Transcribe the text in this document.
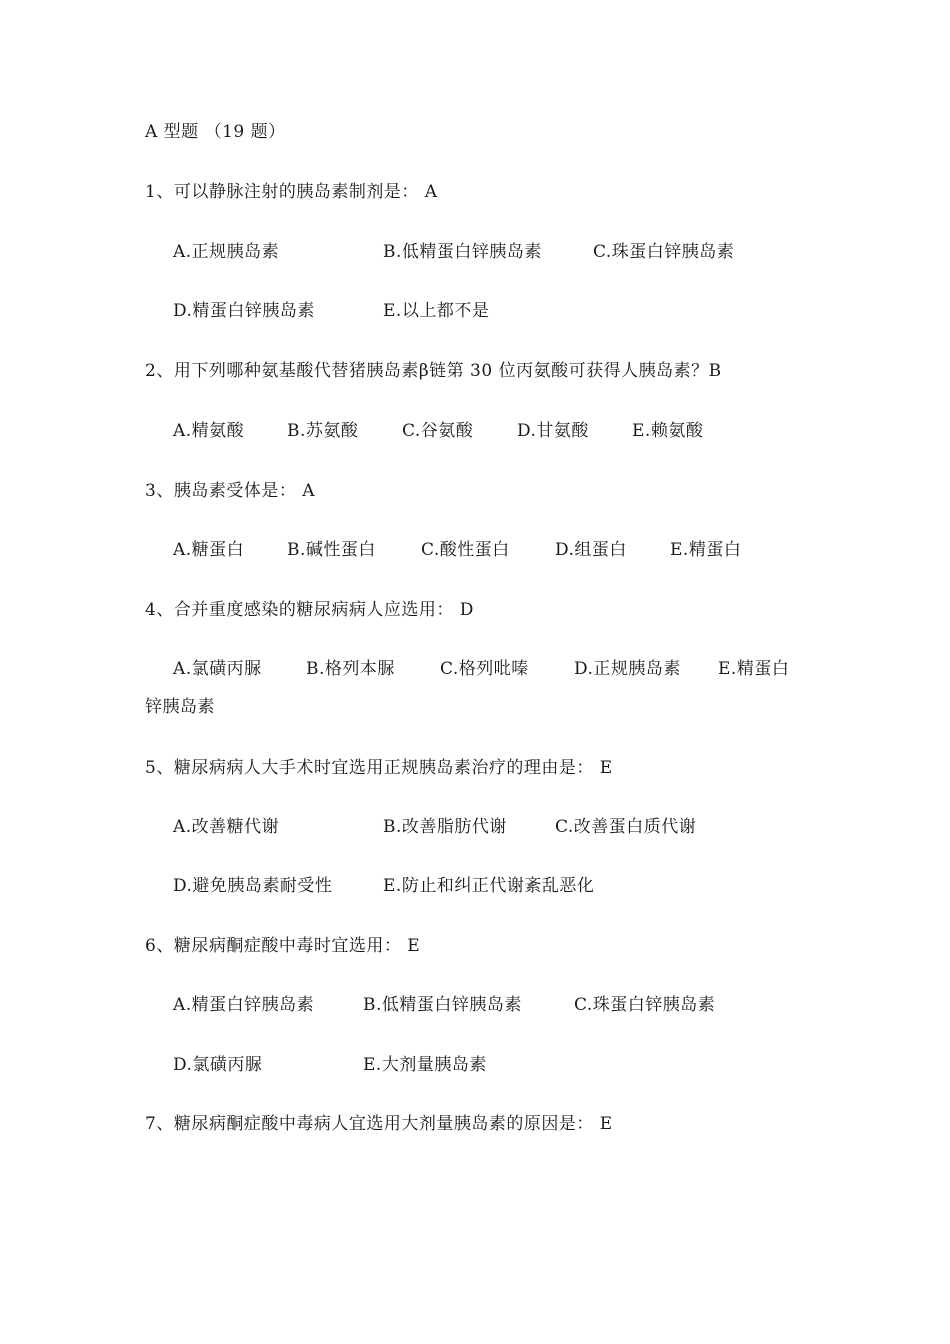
A 型题 （19 题）
1、可以静脉注射的胰岛素制剂是： A
A.正规胰岛素	B.低精蛋白锌胰岛素	C.珠蛋白锌胰岛素
D.精蛋白锌胰岛素	E.以上都不是
2、用下列哪种氨基酸代替猪胰岛素β链第 30 位丙氨酸可获得人胰岛素？B
A.精氨酸	B.苏氨酸	C.谷氨酸	D.甘氨酸	E.赖氨酸
3、胰岛素受体是： A
A.糖蛋白	B.碱性蛋白	C.酸性蛋白	D.组蛋白	E.精蛋白
4、合并重度感染的糖尿病病人应选用： D
A.氯磺丙脲	B.格列本脲	C.格列吡嗪	D.正规胰岛素 E.精蛋白
锌胰岛素
5、糖尿病病人大手术时宜选用正规胰岛素治疗的理由是： E
A.改善糖代谢	B.改善脂肪代谢	C.改善蛋白质代谢
D.避免胰岛素耐受性	E.防止和纠正代谢紊乱恶化
6、糖尿病酮症酸中毒时宜选用： E
A.精蛋白锌胰岛素	B.低精蛋白锌胰岛素	C.珠蛋白锌胰岛素
D.氯磺丙脲	E.大剂量胰岛素
7、糖尿病酮症酸中毒病人宜选用大剂量胰岛素的原因是： E
